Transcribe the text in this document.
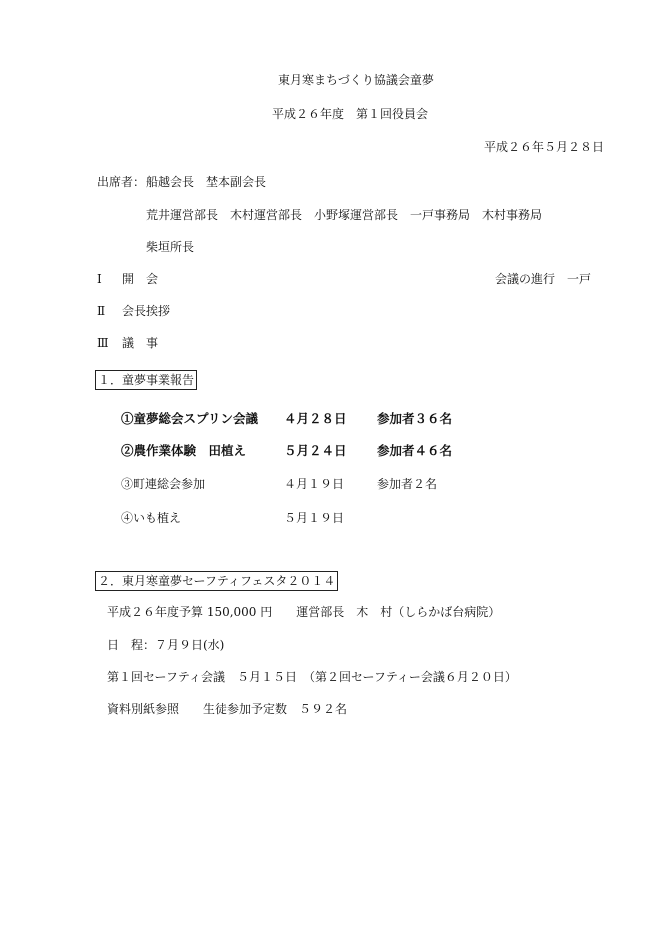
東月寒まちづくり協議会童夢
平成２６年度　第１回役員会
平成２６年５月２８日
出席者： 船越会長　埜本副会長
荒井運営部長　木村運営部長　小野塚運営部長　一戸事務局　木村事務局
柴垣所長
Ⅰ 開　会	会議の進行　一戸
Ⅱ 会長挨拶
Ⅲ 議　事
１．童夢事業報告
①童夢総会スプリン会議 ４月２８日 参加者３６名
②農作業体験　田植え	５月２４日 参加者４６名
③町連総会参加	４月１９日	参加者２名
④いも植え	５月１９日
２．東月寒童夢セーフティフェスタ２０１４
平成２６年度予算 150,000 円　　運営部長　木　村（しらかば台病院）
日　程：７月９日(水)
第１回セーフティ会議　５月１５日　（第２回セーフティー会議６月２０日）
資料別紙参照　　生徒参加予定数　５９２名
